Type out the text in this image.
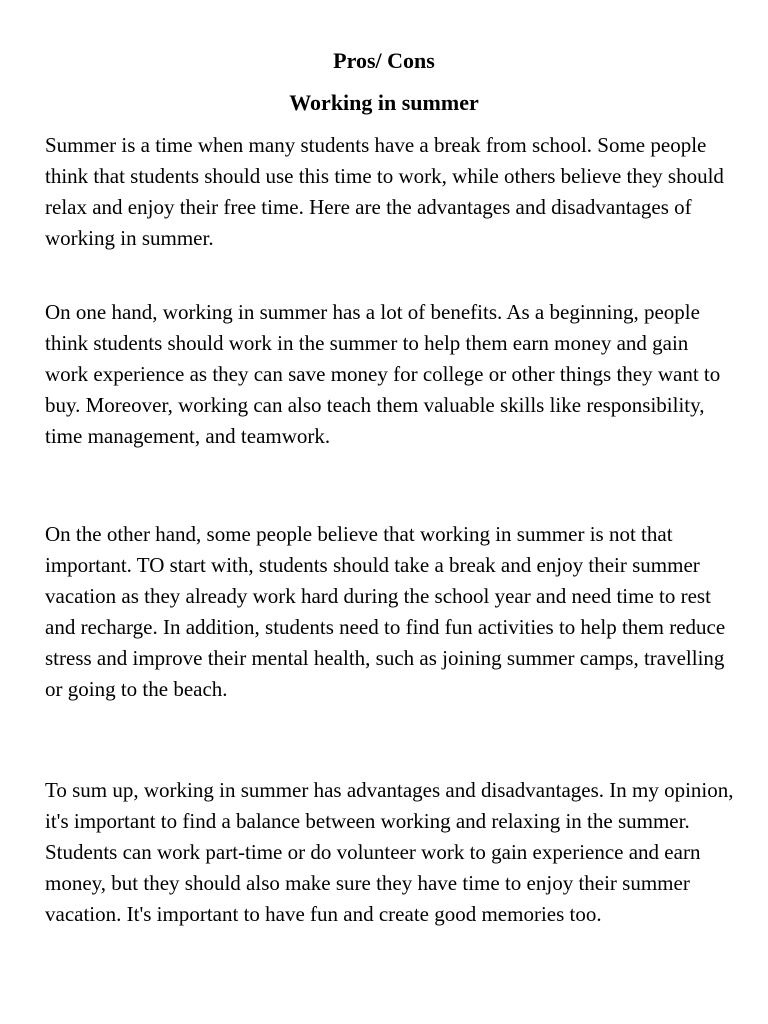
Pros/ Cons
Working in summer

Summer is a time when many students have a break from school. Some people think that students should use this time to work, while others believe they should relax and enjoy their free time. Here are the advantages and disadvantages of working in summer.

On one hand, working in summer has a lot of benefits. As a beginning, people think students should work in the summer to help them earn money and gain work experience as they can save money for college or other things they want to buy. Moreover, working can also teach them valuable skills like responsibility, time management, and teamwork.

On the other hand, some people believe that working in summer is not that important. TO start with, students should take a break and enjoy their summer vacation as they already work hard during the school year and need time to rest and recharge. In addition, students need to find fun activities to help them reduce stress and improve their mental health, such as joining summer camps, travelling or going to the beach.

To sum up, working in summer has advantages and disadvantages. In my opinion, it's important to find a balance between working and relaxing in the summer. Students can work part-time or do volunteer work to gain experience and earn money, but they should also make sure they have time to enjoy their summer vacation. It's important to have fun and create good memories too.
